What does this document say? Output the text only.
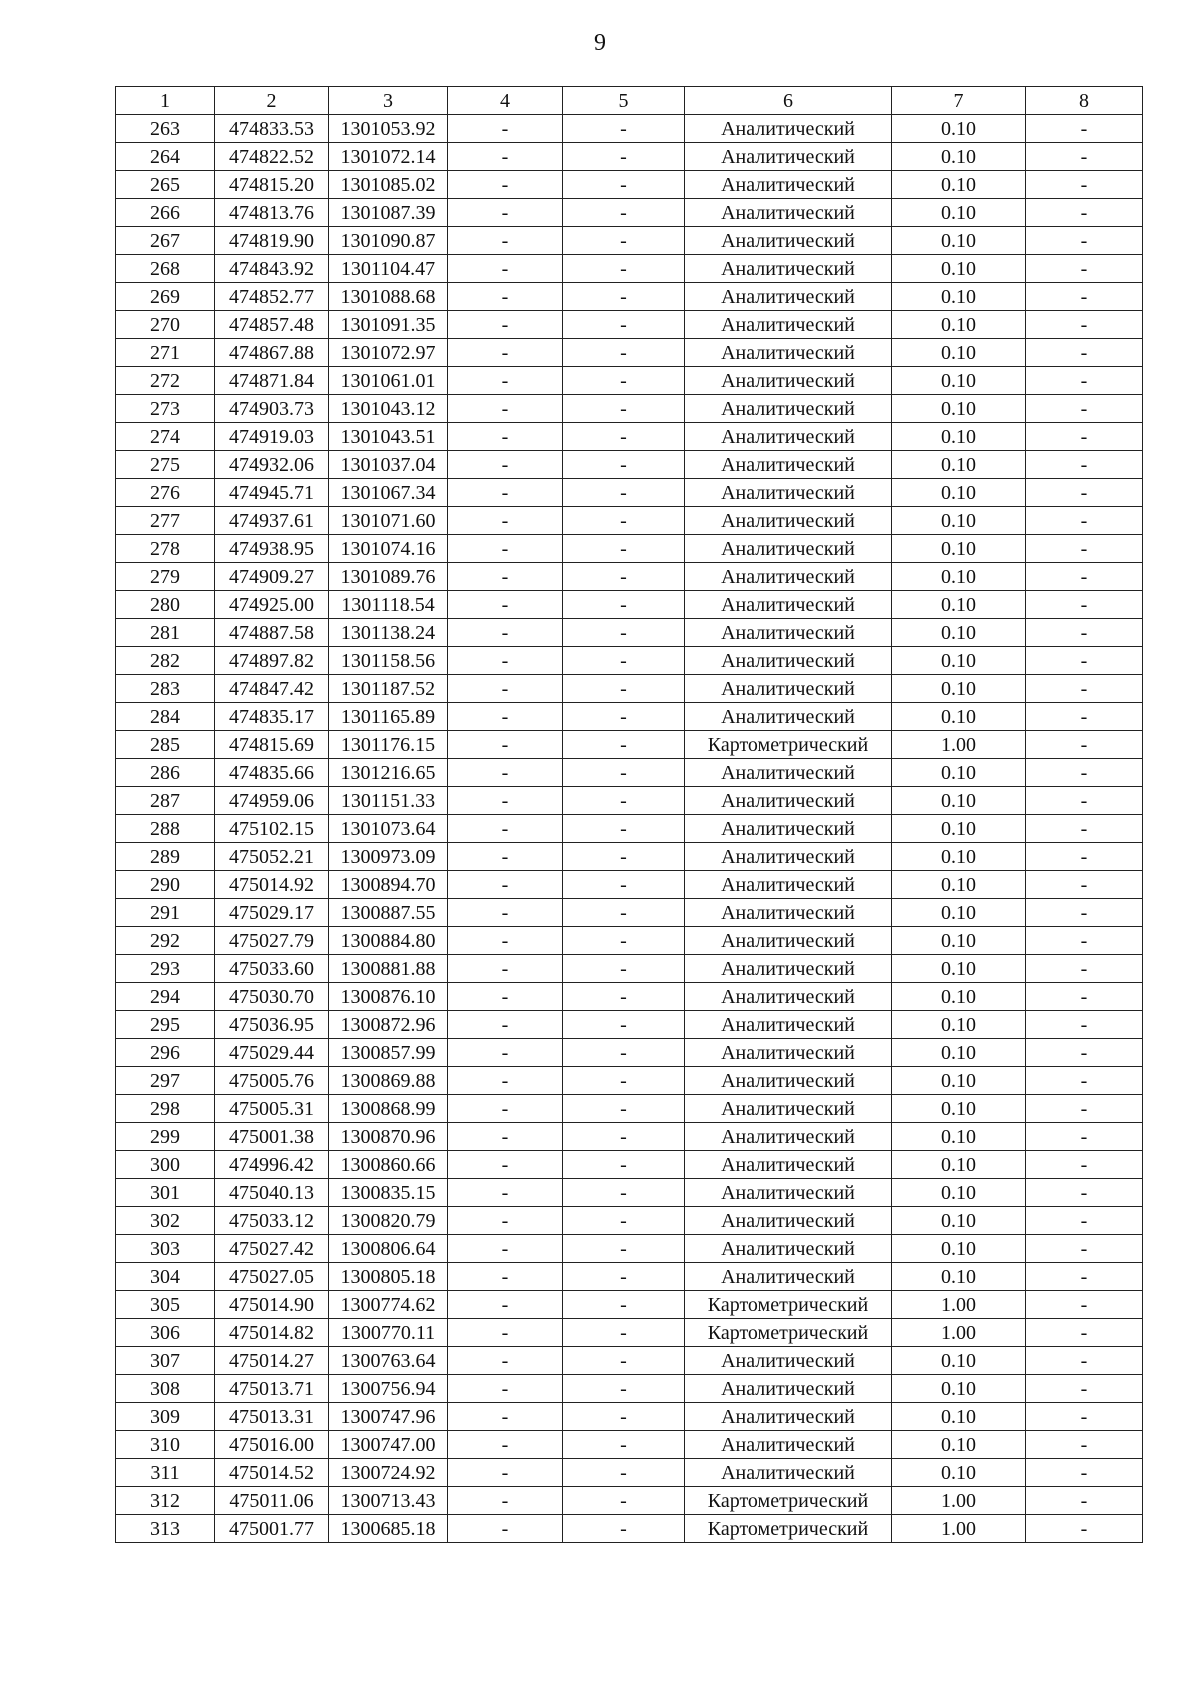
9
1	2	3	4	5	6	7	8
263	474833.53	1301053.92	-	-	Аналитический	0.10	-
264	474822.52	1301072.14	-	-	Аналитический	0.10	-
265	474815.20	1301085.02	-	-	Аналитический	0.10	-
266	474813.76	1301087.39	-	-	Аналитический	0.10	-
267	474819.90	1301090.87	-	-	Аналитический	0.10	-
268	474843.92	1301104.47	-	-	Аналитический	0.10	-
269	474852.77	1301088.68	-	-	Аналитический	0.10	-
270	474857.48	1301091.35	-	-	Аналитический	0.10	-
271	474867.88	1301072.97	-	-	Аналитический	0.10	-
272	474871.84	1301061.01	-	-	Аналитический	0.10	-
273	474903.73	1301043.12	-	-	Аналитический	0.10	-
274	474919.03	1301043.51	-	-	Аналитический	0.10	-
275	474932.06	1301037.04	-	-	Аналитический	0.10	-
276	474945.71	1301067.34	-	-	Аналитический	0.10	-
277	474937.61	1301071.60	-	-	Аналитический	0.10	-
278	474938.95	1301074.16	-	-	Аналитический	0.10	-
279	474909.27	1301089.76	-	-	Аналитический	0.10	-
280	474925.00	1301118.54	-	-	Аналитический	0.10	-
281	474887.58	1301138.24	-	-	Аналитический	0.10	-
282	474897.82	1301158.56	-	-	Аналитический	0.10	-
283	474847.42	1301187.52	-	-	Аналитический	0.10	-
284	474835.17	1301165.89	-	-	Аналитический	0.10	-
285	474815.69	1301176.15	-	-	Картометрический	1.00	-
286	474835.66	1301216.65	-	-	Аналитический	0.10	-
287	474959.06	1301151.33	-	-	Аналитический	0.10	-
288	475102.15	1301073.64	-	-	Аналитический	0.10	-
289	475052.21	1300973.09	-	-	Аналитический	0.10	-
290	475014.92	1300894.70	-	-	Аналитический	0.10	-
291	475029.17	1300887.55	-	-	Аналитический	0.10	-
292	475027.79	1300884.80	-	-	Аналитический	0.10	-
293	475033.60	1300881.88	-	-	Аналитический	0.10	-
294	475030.70	1300876.10	-	-	Аналитический	0.10	-
295	475036.95	1300872.96	-	-	Аналитический	0.10	-
296	475029.44	1300857.99	-	-	Аналитический	0.10	-
297	475005.76	1300869.88	-	-	Аналитический	0.10	-
298	475005.31	1300868.99	-	-	Аналитический	0.10	-
299	475001.38	1300870.96	-	-	Аналитический	0.10	-
300	474996.42	1300860.66	-	-	Аналитический	0.10	-
301	475040.13	1300835.15	-	-	Аналитический	0.10	-
302	475033.12	1300820.79	-	-	Аналитический	0.10	-
303	475027.42	1300806.64	-	-	Аналитический	0.10	-
304	475027.05	1300805.18	-	-	Аналитический	0.10	-
305	475014.90	1300774.62	-	-	Картометрический	1.00	-
306	475014.82	1300770.11	-	-	Картометрический	1.00	-
307	475014.27	1300763.64	-	-	Аналитический	0.10	-
308	475013.71	1300756.94	-	-	Аналитический	0.10	-
309	475013.31	1300747.96	-	-	Аналитический	0.10	-
310	475016.00	1300747.00	-	-	Аналитический	0.10	-
311	475014.52	1300724.92	-	-	Аналитический	0.10	-
312	475011.06	1300713.43	-	-	Картометрический	1.00	-
313	475001.77	1300685.18	-	-	Картометрический	1.00	-
